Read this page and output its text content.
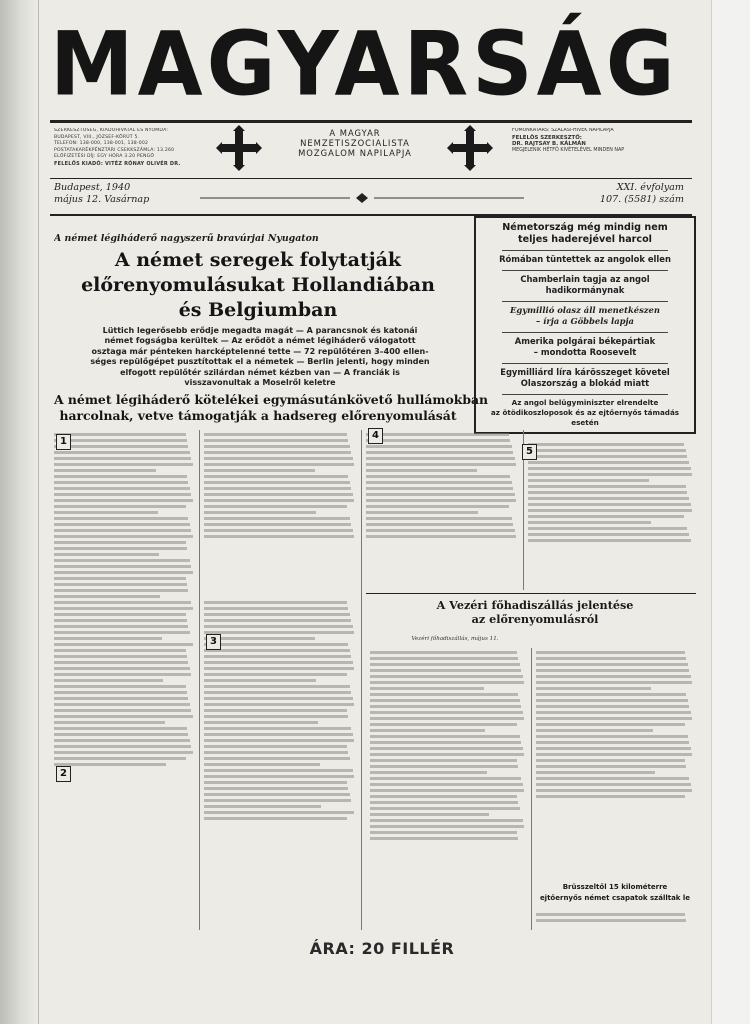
MAGYARSÁG
SZERKESZTŐSÉG, KIADÓHIVATAL ÉS NYOMDA:
BUDAPEST, VIII., JÓZSEF-KÖRÚT 5.
TELEFON: 138-000, 138-001, 138-002
POSTATAKARÉKPÉNZTÁRI CSEKKSZÁMLA: 13.260
ELŐFIZETÉSI DÍJ: EGY HÓRA 3.20 PENGŐ
FELELŐS KIADÓ: VITÉZ RÓNAY OLIVÉR DR.
A MAGYAR
NEMZETISZOCIALISTA
MOZGALOM NAPILAPJA
FŐMUNKATÁRS: SZÁLASI-HÍVEK NAPILAPJA
FELELŐS SZERKESZTŐ:
DR. RAJTSAY B. KÁLMÁN
MEGJELENIK HÉTFŐ KIVÉTELÉVEL MINDEN NAP
Budapest, 1940
május 12. Vasárnap
XXI. évfolyam
107. (5581) szám
A német légiháderő nagyszerű bravúrjai Nyugaton
A német seregek folytatják
előrenyomulásukat Hollandiában
és Belgiumban
Lüttich legerősebb erődje megadta magát — A parancsnok és katonái
német fogságba kerültek — Az erődöt a német légiháderő válogatott
osztaga már pénteken harcképtelenné tette — 72 repülőtéren 3–400 ellen-
séges repülőgépet pusztítottak el a németek — Berlin jelenti, hogy minden
elfogott repülőtér szilárdan német kézben van — A franciák is
visszavonultak a Moselről keletre
A német légiháderő kötelékei egymásutánkövető hullámokban
harcolnak, vetve támogatják a hadsereg előrenyomulását
Németország még mindig nem
teljes haderejével harcol
Rómában tüntettek az angolok ellen
Chamberlain tagja az angol
hadikormánynak
Egymillió olasz áll menetkészen
– írja a Göbbels lapja
Amerika polgárai békepártiak
– mondotta Roosevelt
Egymilliárd líra kárösszeget követel
Olaszország a blokád miatt
Az angol belügyminiszter elrendelte
az ötödikoszloposok és az ejtőernyős támadás
esetén
1
2
3
4
5
A Vezéri főhadiszállás jelentése
az előrenyomulásról
Vezéri főhadiszállás, május 11.
Brüsszeltől 15 kilométerre
ejtőernyős német csapatok szálltak le
ÁRA: 20 FILLÉR
